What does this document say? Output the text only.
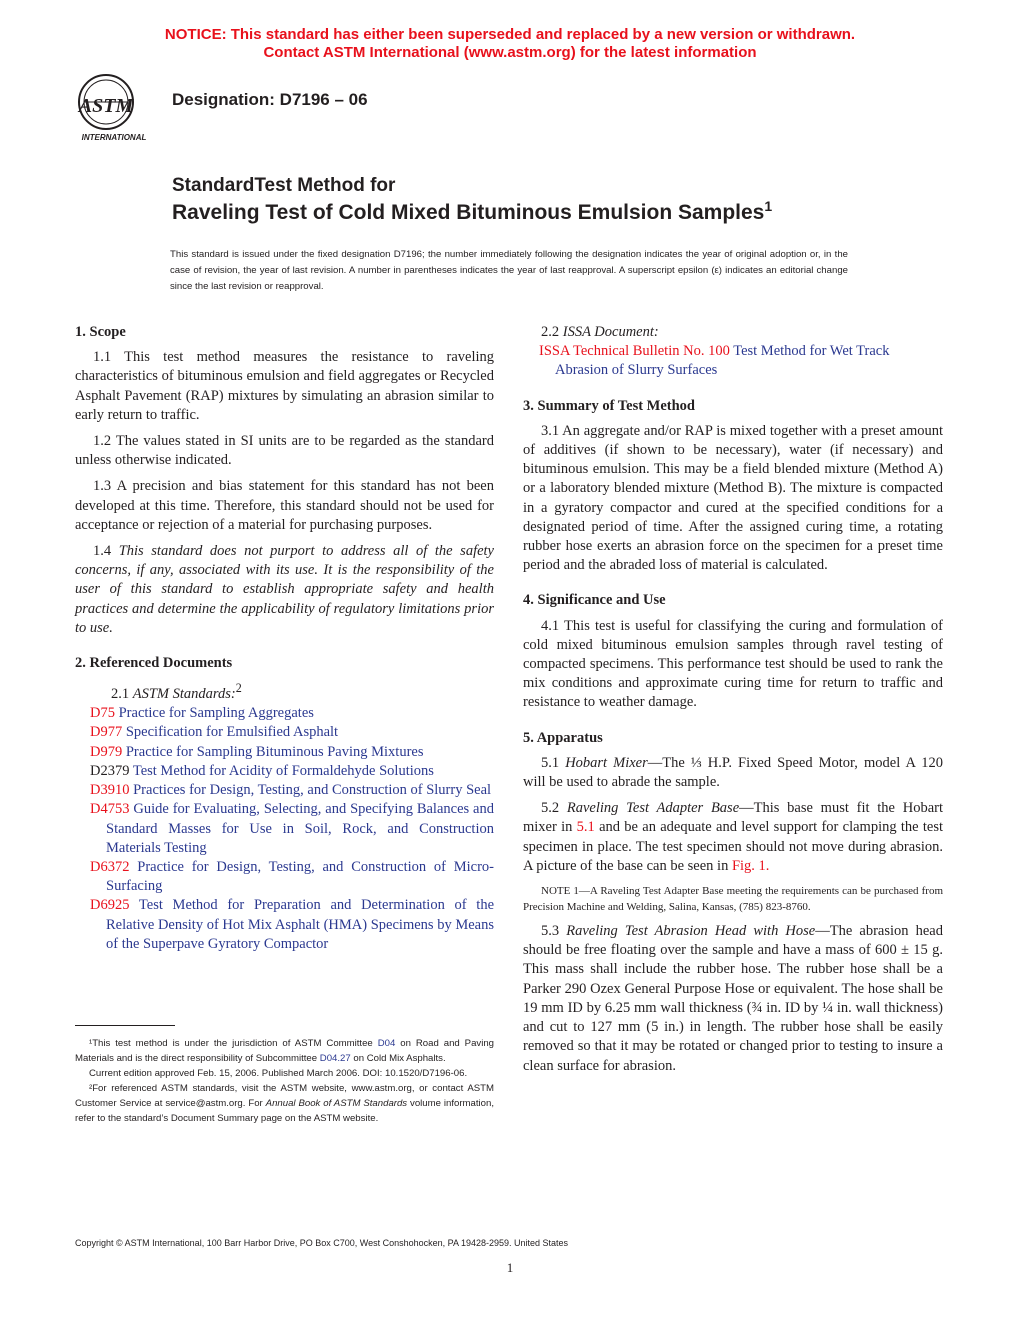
NOTICE: This standard has either been superseded and replaced by a new version or withdrawn.
Contact ASTM International (www.astm.org) for the latest information
ASTM
INTERNATIONAL
Designation: D7196 – 06
StandardTest Method for
Raveling Test of Cold Mixed Bituminous Emulsion Samples$^1$
This standard is issued under the fixed designation D7196; the number immediately following the designation indicates the year of original adoption or, in the case of revision, the year of last revision. A number in parentheses indicates the year of last reapproval. A superscript epsilon (ε) indicates an editorial change since the last revision or reapproval.
1. Scope

1.1 This test method measures the resistance to raveling characteristics of bituminous emulsion and field aggregates or Recycled Asphalt Pavement (RAP) mixtures by simulating an abrasion similar to early return to traffic.

1.2 The values stated in SI units are to be regarded as the standard unless otherwise indicated.

1.3 A precision and bias statement for this standard has not been developed at this time. Therefore, this standard should not be used for acceptance or rejection of a material for purchasing purposes.

1.4 This standard does not purport to address all of the safety concerns, if any, associated with its use. It is the responsibility of the user of this standard to establish appropriate safety and health practices and determine the applicability of regulatory limitations prior to use.

2. Referenced Documents

2.1 ASTM Standards:$^2$

D75 Practice for Sampling Aggregates
D977 Specification for Emulsified Asphalt
D979 Practice for Sampling Bituminous Paving Mixtures
D2379 Test Method for Acidity of Formaldehyde Solutions
D3910 Practices for Design, Testing, and Construction of Slurry Seal
D4753 Guide for Evaluating, Selecting, and Specifying Balances and Standard Masses for Use in Soil, Rock, and Construction Materials Testing
D6372 Practice for Design, Testing, and Construction of Micro-Surfacing
D6925 Test Method for Preparation and Determination of the Relative Density of Hot Mix Asphalt (HMA) Specimens by Means of the Superpave Gyratory Compactor

¹This test method is under the jurisdiction of ASTM Committee D04 on Road and Paving Materials and is the direct responsibility of Subcommittee D04.27 on Cold Mix Asphalts.

Current edition approved Feb. 15, 2006. Published March 2006. DOI: 10.1520/D7196-06.

²For referenced ASTM standards, visit the ASTM website, www.astm.org, or contact ASTM Customer Service at service@astm.org. For Annual Book of ASTM Standards volume information, refer to the standard’s Document Summary page on the ASTM website.

2.2 ISSA Document:

ISSA Technical Bulletin No. 100 Test Method for Wet Track Abrasion of Slurry Surfaces
3. Summary of Test Method

3.1 An aggregate and/or RAP is mixed together with a preset amount of additives (if shown to be necessary), water (if necessary) and bituminous emulsion. This may be a field blended mixture (Method A) or a laboratory blended mixture (Method B). The mixture is compacted in a gyratory compactor and cured at the specified conditions for a designated period of time. After the assigned curing time, a rotating rubber hose exerts an abrasion force on the specimen for a preset time period and the abraded loss of material is calculated.

4. Significance and Use

4.1 This test is useful for classifying the curing and formulation of cold mixed bituminous emulsion samples through ravel testing of compacted specimens. This performance test should be used to rank the mix conditions and approximate curing time for return to traffic and resistance to weather damage.

5. Apparatus

5.1 Hobart Mixer—The ⅓ H.P. Fixed Speed Motor, model A 120 will be used to abrade the sample.

5.2 Raveling Test Adapter Base—This base must fit the Hobart mixer in 5.1 and be an adequate and level support for clamping the test specimen in place. The test specimen should not move during abrasion. A picture of the base can be seen in Fig. 1.

NOTE 1—A Raveling Test Adapter Base meeting the requirements can be purchased from Precision Machine and Welding, Salina, Kansas, (785) 823-8760.

5.3 Raveling Test Abrasion Head with Hose—The abrasion head should be free floating over the sample and have a mass of 600 ± 15 g. This mass shall include the rubber hose. The rubber hose shall be a Parker 290 Ozex General Purpose Hose or equivalent. The hose shall be 19 mm ID by 6.25 mm wall thickness (¾ in. ID by ¼ in. wall thickness) and cut to 127 mm (5 in.) in length. The rubber hose shall be easily removed so that it may be rotated or changed prior to testing to insure a clean surface for abrasion.

Copyright © ASTM International, 100 Barr Harbor Drive, PO Box C700, West Conshohocken, PA 19428-2959. United States
1
